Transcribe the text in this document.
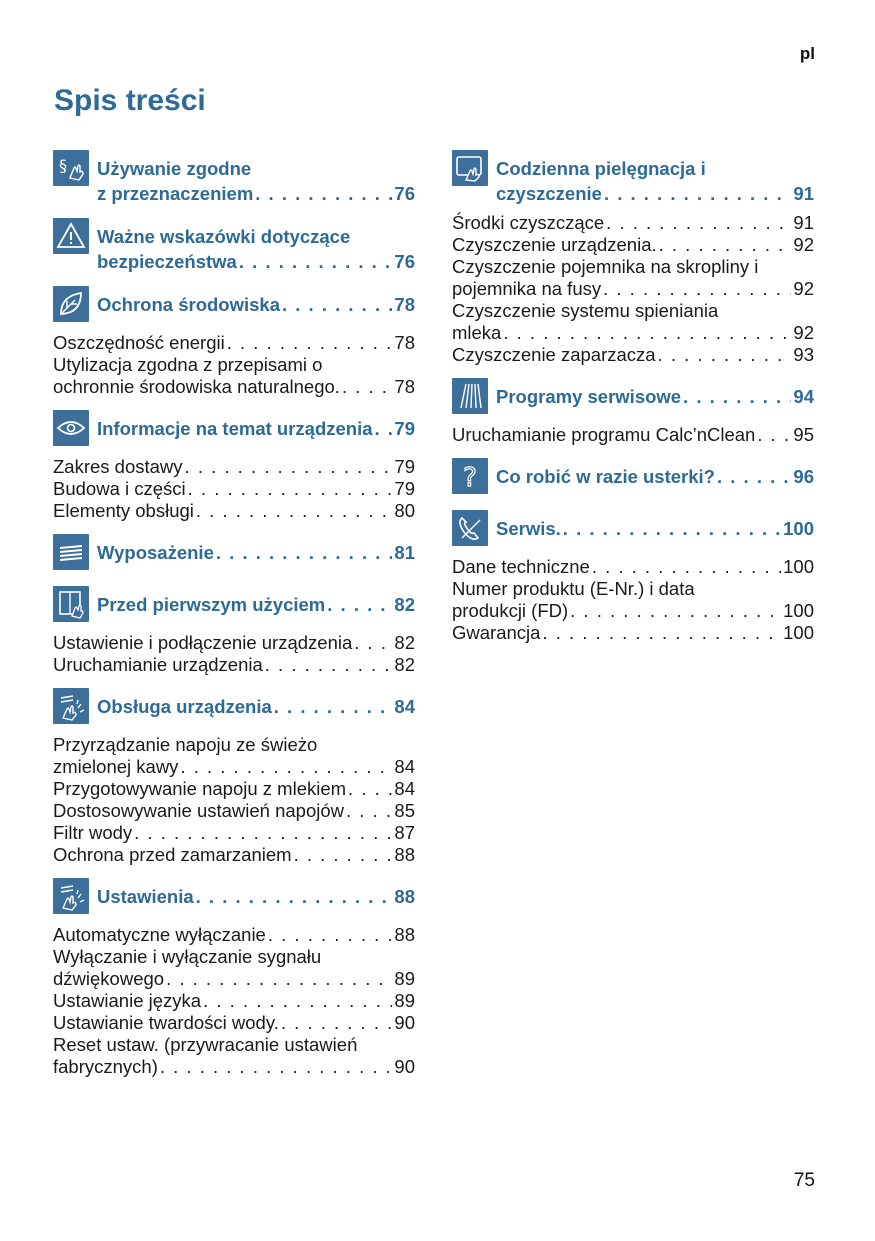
pl
Spis treści
§ Używanie zgodne
z przeznaczeniem . . .	76
Ważne wskazówki dotyczące
bezpieczeństwa . . .	76
Ochrona środowiska . . .	78
Oszczędność energii . . .	78
Utylizacja zgodna z przepisami o
ochronnie środowiska naturalnego. . . .	78
Informacje na temat urządzenia . . . 79
Zakres dostawy . . .	79
Budowa i części . . .	79
Elementy obsługi . . .	80
Wyposażenie . . .	81
Przed pierwszym użyciem . . .	82
Ustawienie i podłączenie urządzenia . . . 82
Uruchamianie urządzenia . . .	82
Obsługa urządzenia . . .	84
Przyrządzanie napoju ze świeżo
zmielonej kawy . . .	84
Przygotowywanie napoju z mlekiem . . .	84
Dostosowywanie ustawień napojów . . .	85
Filtr wody . . .	87
Ochrona przed zamarzaniem . . .	88
Ustawienia . . .	88
Automatyczne wyłączanie . . .	88
Wyłączanie i wyłączanie sygnału
dźwiękowego . . .	89
Ustawianie języka . . .	89
Ustawianie twardości wody. . . .	90
Reset ustaw. (przywracanie ustawień
fabrycznych) . . .	90
Codzienna pielęgnacja i
czyszczenie . . .	91
Środki czyszczące . . .	91
Czyszczenie urządzenia. . . .	92
Czyszczenie pojemnika na skropliny i
pojemnika na fusy . . .	92
Czyszczenie systemu spieniania
mleka . . .	92
Czyszczenie zaparzacza . . .	93
Programy serwisowe . . .	94
Uruchamianie programu Calc’nClean . . . 95
? Co robić w razie usterki? . . .	96
Serwis. . . .	100
Dane techniczne . . .	100
Numer produktu (E-Nr.) i data
produkcji (FD) . . .	100
Gwarancja . . .	100
75
